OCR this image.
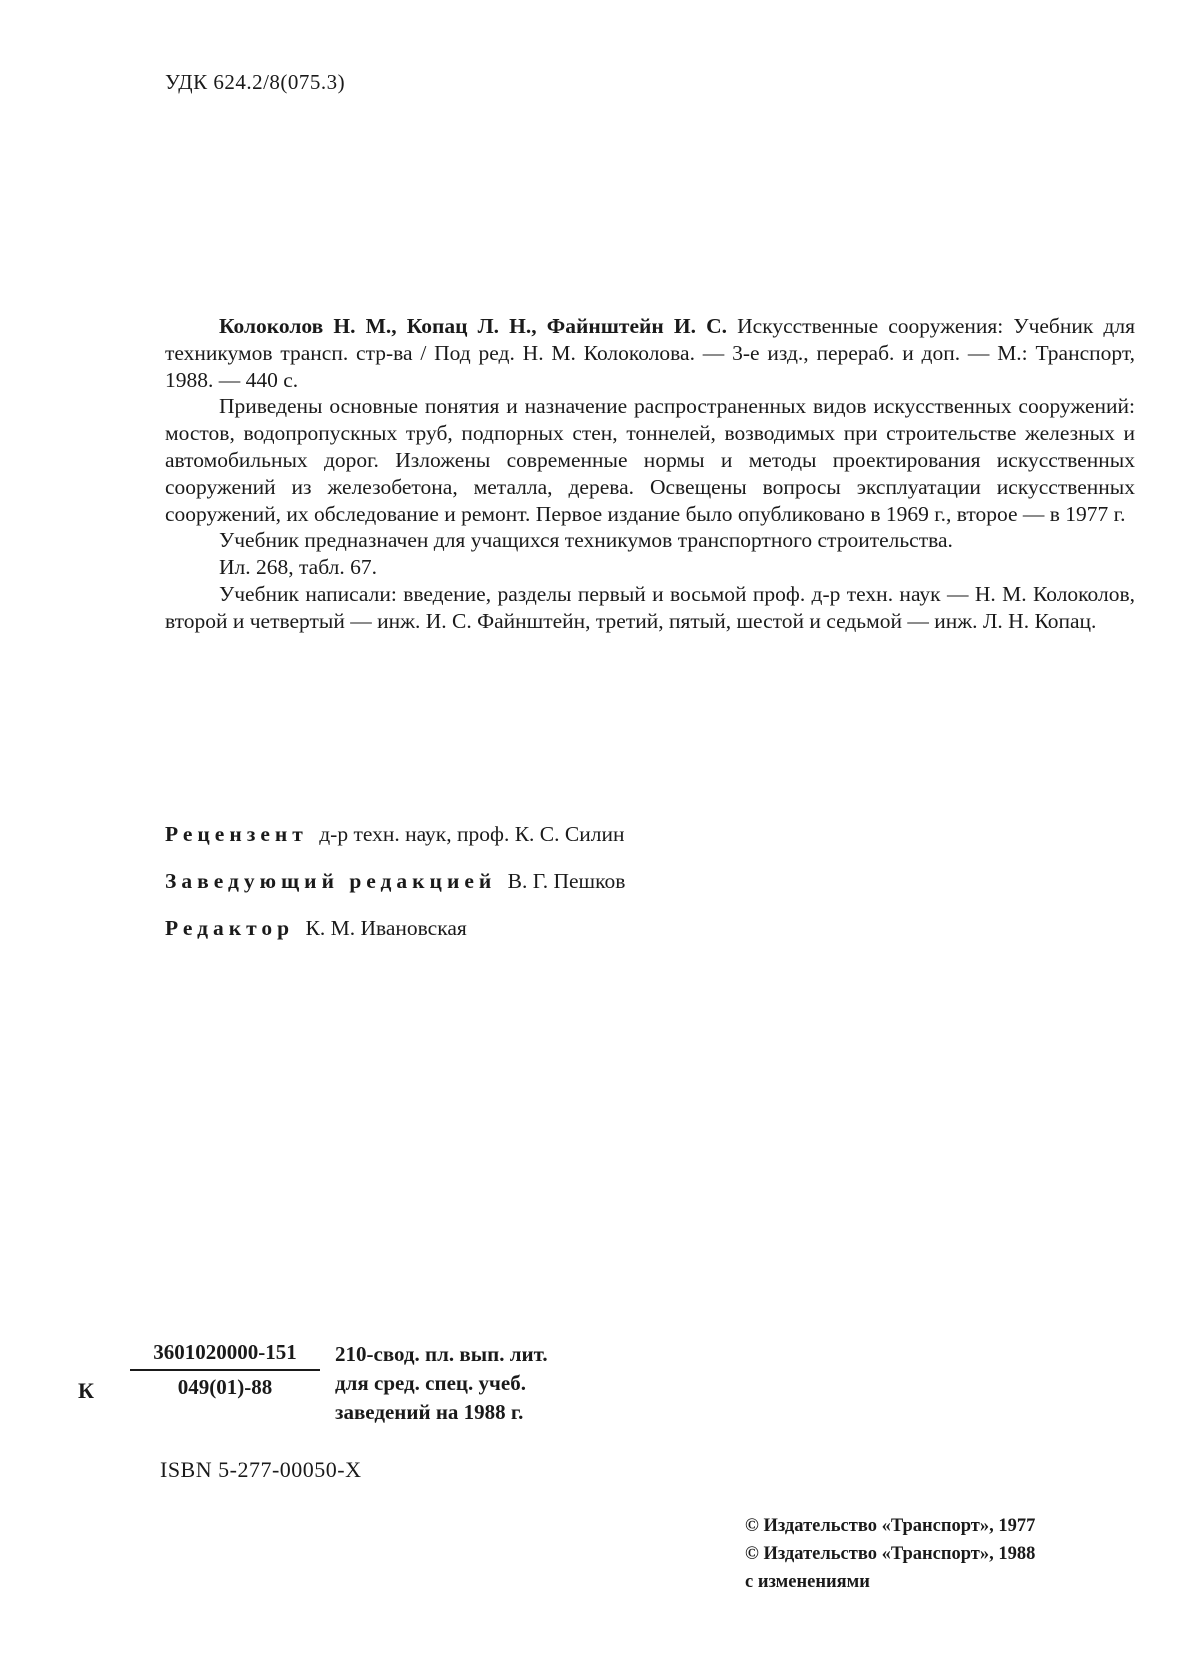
УДК 624.2/8(075.3)

Колоколов Н. М., Копац Л. Н., Файнштейн И. С. Искусственные сооружения: Учебник для техникумов трансп. стр-ва / Под ред. Н. М. Колоколова. — 3-е изд., перераб. и доп. — М.: Транспорт, 1988. — 440 с.

Приведены основные понятия и назначение распространенных видов искусственных сооружений: мостов, водопропускных труб, подпорных стен, тоннелей, возводимых при строительстве железных и автомобильных дорог. Изложены современные нормы и методы проектирования искусственных сооружений из железобетона, металла, дерева. Освещены вопросы эксплуатации искусственных сооружений, их обследование и ремонт. Первое издание было опубликовано в 1969 г., второе — в 1977 г.

Учебник предназначен для учащихся техникумов транспортного строительства.

Ил. 268, табл. 67.

Учебник написали: введение, разделы первый и восьмой проф. д-р техн. наук — Н. М. Колоколов, второй и четвертый — инж. И. С. Файнштейн, третий, пятый, шестой и седьмой — инж. Л. Н. Копац.

Рецензент д-р техн. наук, проф. К. С. Силин
Заведующий редакцией В. Г. Пешков
Редактор К. М. Ивановская
К
3601020000-151
049(01)-88
210-свод. пл. вып. лит.
для сред. спец. учеб.
заведений на 1988 г.
ISBN 5-277-00050-X
© Издательство «Транспорт», 1977
© Издательство «Транспорт», 1988
с изменениями
